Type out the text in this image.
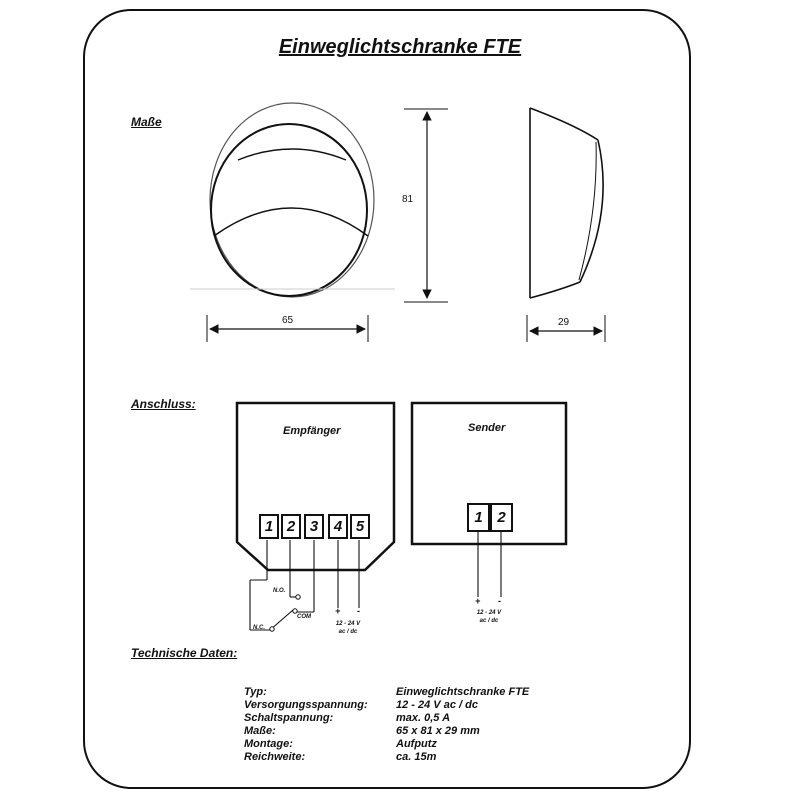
Einweglichtschranke FTE
Maße
Anschluss:
Technische Daten:
81
65	29
Empfänger
1 2 3	4 5
N.O.
N.C.
COM
+ -
12 - 24 V
ac / dc
Sender
1 2
+ -
12 - 24 V
ac / dc
Typ:	Einweglichtschranke FTE
Versorgungsspannung:	12 - 24 V ac / dc
Schaltspannung:	max. 0,5 A
Maße:	65 x 81 x 29 mm
Montage:	Aufputz
Reichweite:	ca. 15m
